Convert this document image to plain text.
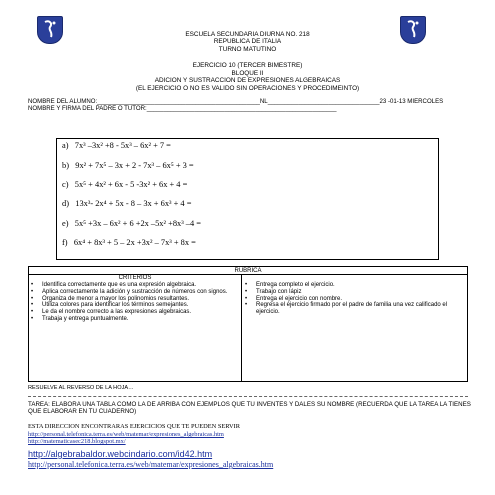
ESCUELA SECUNDARIA DIURNA NO. 218
REPUBLICA DE ITALIA
TURNO MATUTINO
EJERCICIO 10 (TERCER BIMESTRE)
BLOQUE II
ADICION Y SUSTRACCION DE EXPRESIONES ALGEBRAICAS
(EL EJERCICIO O NO ES VALIDO SIN OPERACIONES Y PROCEDIMEINTO)
NOMBRE DEL ALUMNO:________________________________________________NL_________________________________23 -01-13 MIERCOLES
NOMBRE Y FIRMA DEL PADRE O TUTOR:________________________________________________________
a) 7x³ –3x² +8 - 5x³ – 6x² + 7 =
b) 9x² + 7x⁵ – 3x + 2 - 7x³ – 6x⁵ + 3 =
c) 5x⁵ + 4x² + 6x - 5 -3x² + 6x + 4 =
d) 13x³- 2x⁴ + 5x - 8 – 3x + 6x³ + 4 =
e) 5x⁵ +3x – 6x² + 6 +2x –5x² +8x³ –4 =
f) 6x⁴ + 8x³ + 5 – 2x +3x² – 7x³ + 8x =
RUBRICA
CRITERIOS
• Identifica correctamente que es una expresión algebraica.
• Aplica correctamente la adición y sustracción de números con signos.
• Organiza de menor a mayor los polinomios resultantes.
• Utiliza colores para identificar los términos semejantes.
• Le da el nombre correcto a las expresiones algebraicas.
• Trabaja y entrega puntualmente.
• Entrega completo el ejercicio.
• Trabajo con lápiz
• Entrega el ejercicio con nombre.
• Regresa el ejercicio firmado por el padre de familia una vez calificado el ejercicio.
RESUELVE AL REVERSO DE LA HOJA…
TAREA: ELABORA UNA TABLA COMO LA DE ARRIBA CON EJEMPLOS QUE TU INVENTES Y DALES SU NOMBRE (RECUERDA QUE LA TAREA LA TIENES QUE ELABORAR EN TU CUADERNO)
ESTA DIRECCION ENCONTRARAS EJERCICIOS QUE TE PUEDEN SERVIR
http://personal.telefonica.terra.es/web/matemar/expresiones_algebraicas.htm
http://matematicasec218.blogspot.mx/
http://algebrabaldor.webcindario.com/id42.htm
http://personal.telefonica.terra.es/web/matemar/expresiones_algebraicas.htm
